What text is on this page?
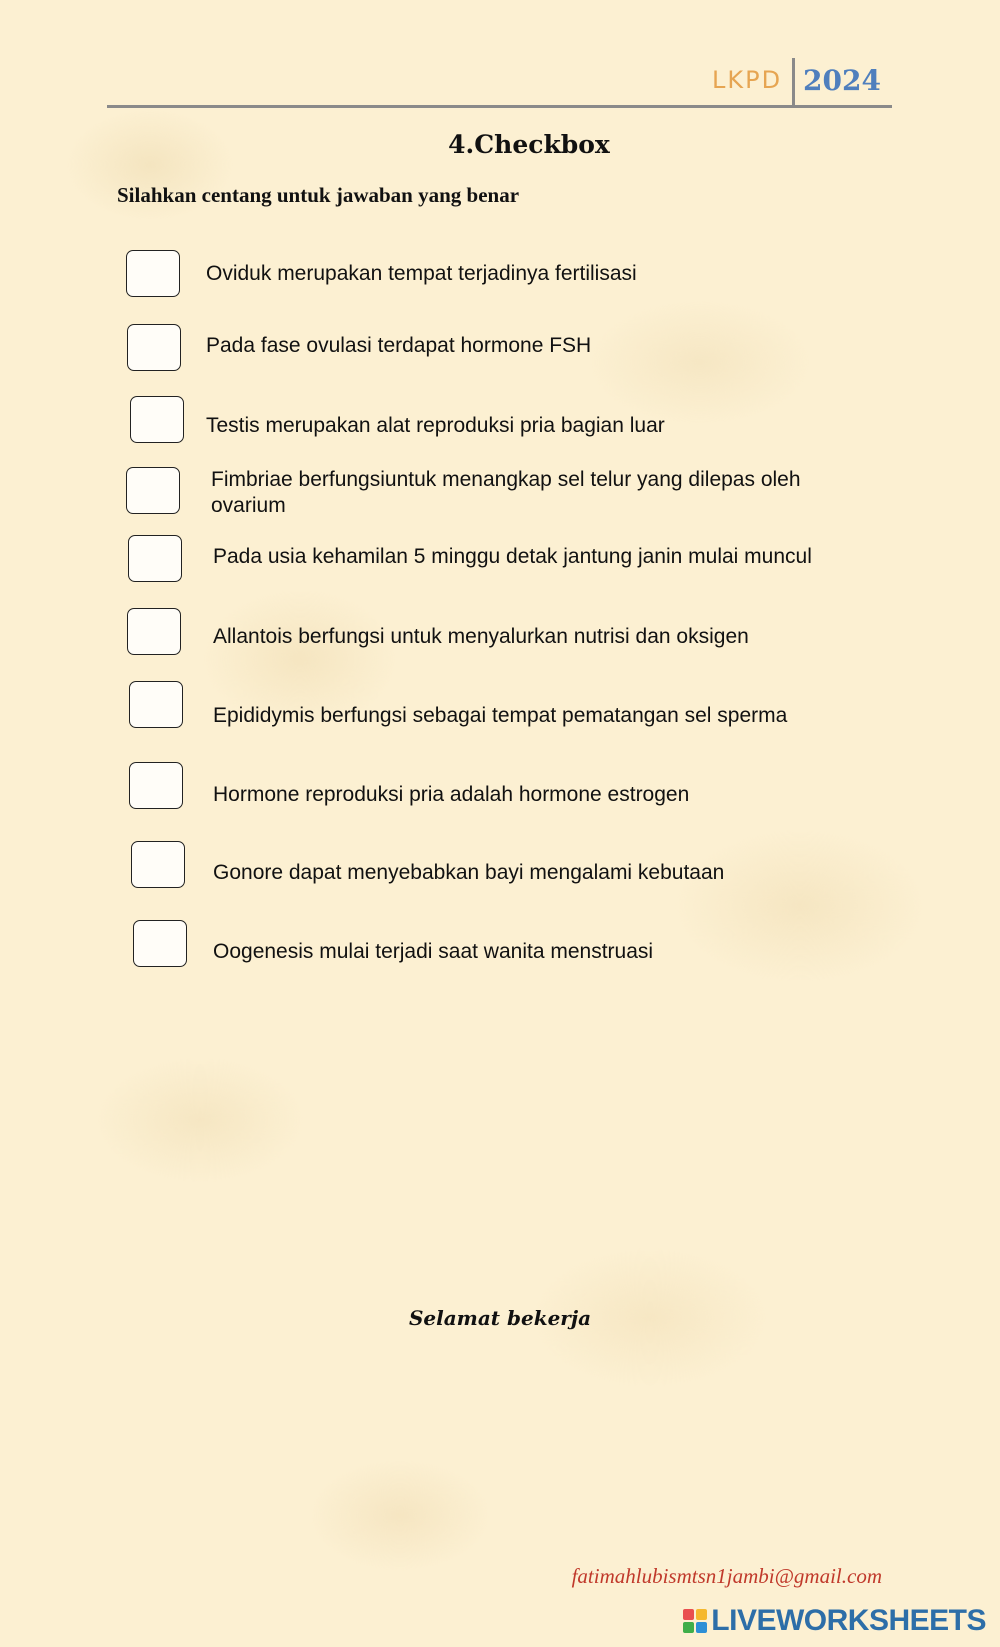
LKPD 2024
4.Checkbox
Silahkan centang untuk jawaban yang benar
Oviduk merupakan tempat terjadinya fertilisasi
Pada fase ovulasi terdapat hormone FSH
Testis merupakan alat reproduksi pria bagian luar
Fimbriae berfungsiuntuk menangkap sel telur yang dilepas oleh ovarium
Pada usia kehamilan 5 minggu detak jantung janin mulai muncul
Allantois berfungsi untuk menyalurkan nutrisi dan oksigen
Epididymis berfungsi sebagai tempat pematangan sel sperma
Hormone reproduksi pria adalah hormone estrogen
Gonore dapat menyebabkan bayi mengalami kebutaan
Oogenesis mulai terjadi saat wanita menstruasi
Selamat bekerja
fatimahlubismtsn1jambi@gmail.com
LIVEWORKSHEETS
